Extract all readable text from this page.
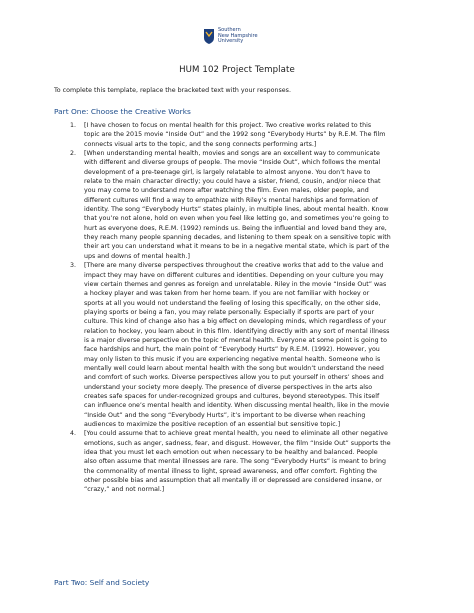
Southern
New Hampshire
University
HUM 102 Project Template
To complete this template, replace the bracketed text with your responses.
Part One: Choose the Creative Works
1. [I have chosen to focus on mental health for this project. Two creative works related to this
topic are the 2015 movie “Inside Out” and the 1992 song “Everybody Hurts” by R.E.M. The film
connects visual arts to the topic, and the song connects performing arts.]
2. [When understanding mental health, movies and songs are an excellent way to communicate
with different and diverse groups of people. The movie “Inside Out”, which follows the mental
development of a pre-teenage girl, is largely relatable to almost anyone. You don’t have to
relate to the main character directly; you could have a sister, friend, cousin, and/or niece that
you may come to understand more after watching the film. Even males, older people, and
different cultures will find a way to empathize with Riley’s mental hardships and formation of
identity. The song “Everybody Hurts” states plainly, in multiple lines, about mental health. Know
that you’re not alone, hold on even when you feel like letting go, and sometimes you’re going to
hurt as everyone does, R.E.M. (1992) reminds us. Being the influential and loved band they are,
they reach many people spanning decades, and listening to them speak on a sensitive topic with
their art you can understand what it means to be in a negative mental state, which is part of the
ups and downs of mental health.]
3. [There are many diverse perspectives throughout the creative works that add to the value and
impact they may have on different cultures and identities. Depending on your culture you may
view certain themes and genres as foreign and unrelatable. Riley in the movie “Inside Out” was
a hockey player and was taken from her home team. If you are not familiar with hockey or
sports at all you would not understand the feeling of losing this specifically, on the other side,
playing sports or being a fan, you may relate personally. Especially if sports are part of your
culture. This kind of change also has a big effect on developing minds, which regardless of your
relation to hockey, you learn about in this film. Identifying directly with any sort of mental illness
is a major diverse perspective on the topic of mental health. Everyone at some point is going to
face hardships and hurt, the main point of “Everybody Hurts” by R.E.M. (1992). However, you
may only listen to this music if you are experiencing negative mental health. Someone who is
mentally well could learn about mental health with the song but wouldn’t understand the need
and comfort of such works. Diverse perspectives allow you to put yourself in others’ shoes and
understand your society more deeply. The presence of diverse perspectives in the arts also
creates safe spaces for under-recognized groups and cultures, beyond stereotypes. This itself
can influence one’s mental health and identity. When discussing mental health, like in the movie
“Inside Out” and the song “Everybody Hurts”, it’s important to be diverse when reaching
audiences to maximize the positive reception of an essential but sensitive topic.]
4. [You could assume that to achieve great mental health, you need to eliminate all other negative
emotions, such as anger, sadness, fear, and disgust. However, the film “Inside Out” supports the
idea that you must let each emotion out when necessary to be healthy and balanced. People
also often assume that mental illnesses are rare. The song “Everybody Hurts” is meant to bring
the commonality of mental illness to light, spread awareness, and offer comfort. Fighting the
other possible bias and assumption that all mentally ill or depressed are considered insane, or
“crazy,” and not normal.]
Part Two: Self and Society
